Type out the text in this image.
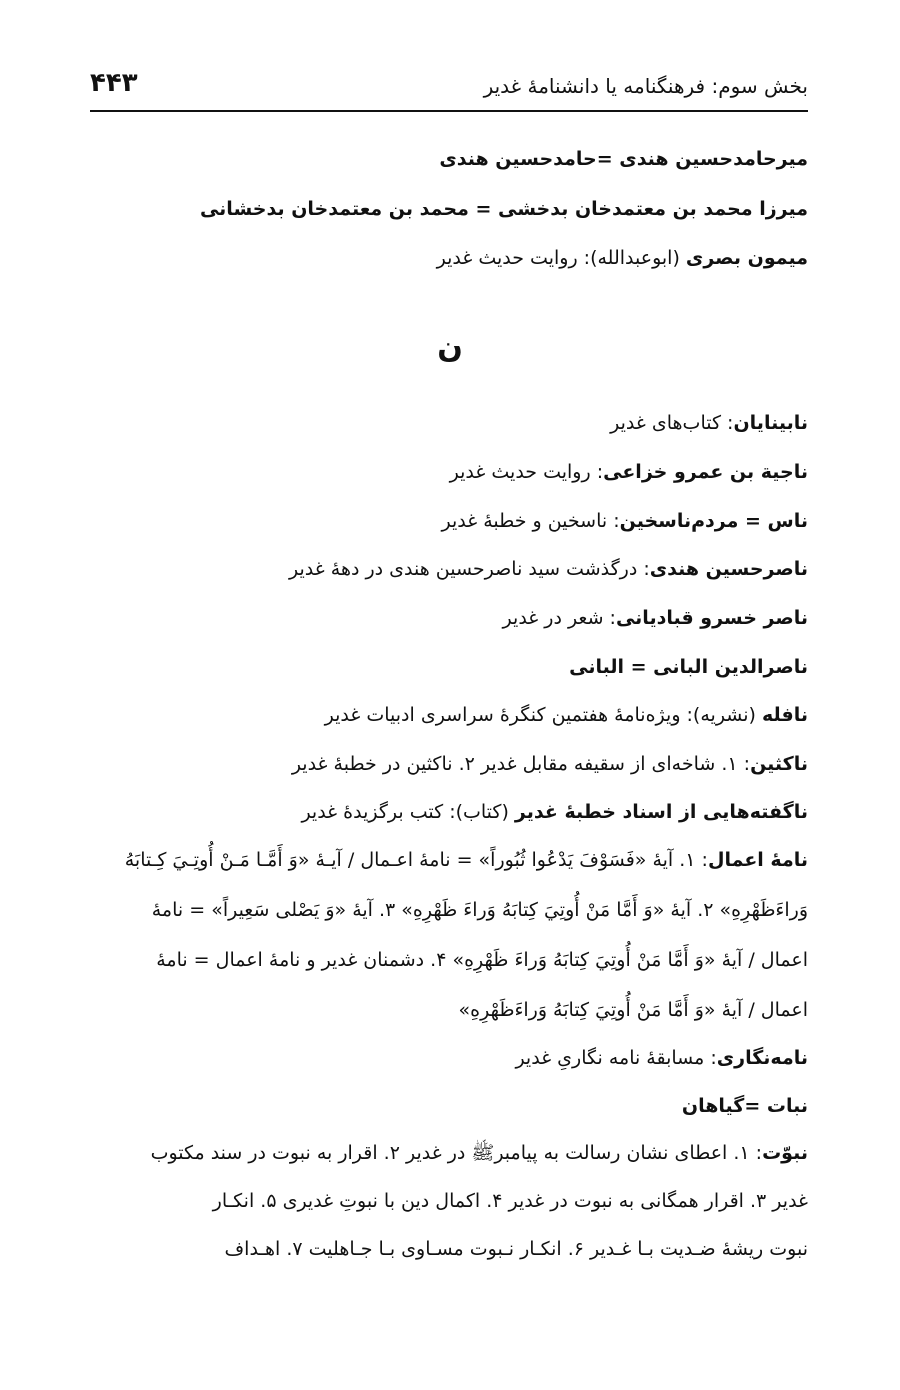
بخش سوم: فرهنگنامه یا دانشنامهٔ غدیر
۴۴۳
میرحامدحسین هندی =حامدحسین هندی
میرزا محمد بن معتمدخان بدخشی = محمد بن معتمدخان بدخشانی
میمون بصری (ابوعبدالله): روایت حدیث غدیر
ن
نابینایان: کتاب‌های غدیر
ناجیة بن عمرو خزاعی: روایت حدیث غدیر
ناس = مردم‌ناسخین: ناسخین و خطبهٔ غدیر
ناصرحسین هندی: درگذشت سید ناصرحسین هندی در دههٔ غدیر
ناصر خسرو قبادیانی: شعر در غدیر
ناصرالدین البانی = البانی
نافله (نشریه): ویژه‌نامهٔ هفتمین کنگرهٔ سراسری ادبیات غدیر
ناکثین: ۱. شاخه‌ای از سقیفه مقابل غدیر ۲. ناکثین در خطبهٔ غدیر
ناگفته‌هایی از اسناد خطبهٔ غدیر (کتاب): کتب برگزیدهٔ غدیر
نامهٔ اعمال: ۱. آیهٔ «فَسَوْفَ يَدْعُوا ثُبُوراً» = نامهٔ اعـمال / آیـهٔ «وَ أَمَّـا مَـنْ أُوتِـيَ كِـتابَهُ
وَراءَظَهْرِهِ» ۲. آیهٔ «وَ أَمَّا مَنْ أُوتِيَ كِتابَهُ وَراءَ ظَهْرِهِ» ۳. آیهٔ «وَ يَصْلى سَعِيراً» = نامهٔ
اعمال / آیهٔ «وَ أَمَّا مَنْ أُوتِيَ كِتابَهُ وَراءَ ظَهْرِهِ» ۴. دشمنان غدیر و نامهٔ اعمال = نامهٔ
اعمال / آیهٔ «وَ أَمَّا مَنْ أُوتِيَ كِتابَهُ وَراءَظَهْرِهِ»
نامه‌نگاری: مسابقهٔ نامه نگاریِ غدیر
نبات =گیاهان
نبوّت: ۱. اعطای نشان رسالت به پیامبرﷺ در غدیر ۲. اقرار به نبوت در سند مکتوب
غدیر ۳. اقرار همگانی به نبوت در غدیر ۴. اکمال دین با نبوتِ غدیری ۵. انکـار
نبوت ریشهٔ ضـدیت بـا غـدیر ۶. انکـار نـبوت مسـاوی بـا جـاهلیت ۷. اهـداف
